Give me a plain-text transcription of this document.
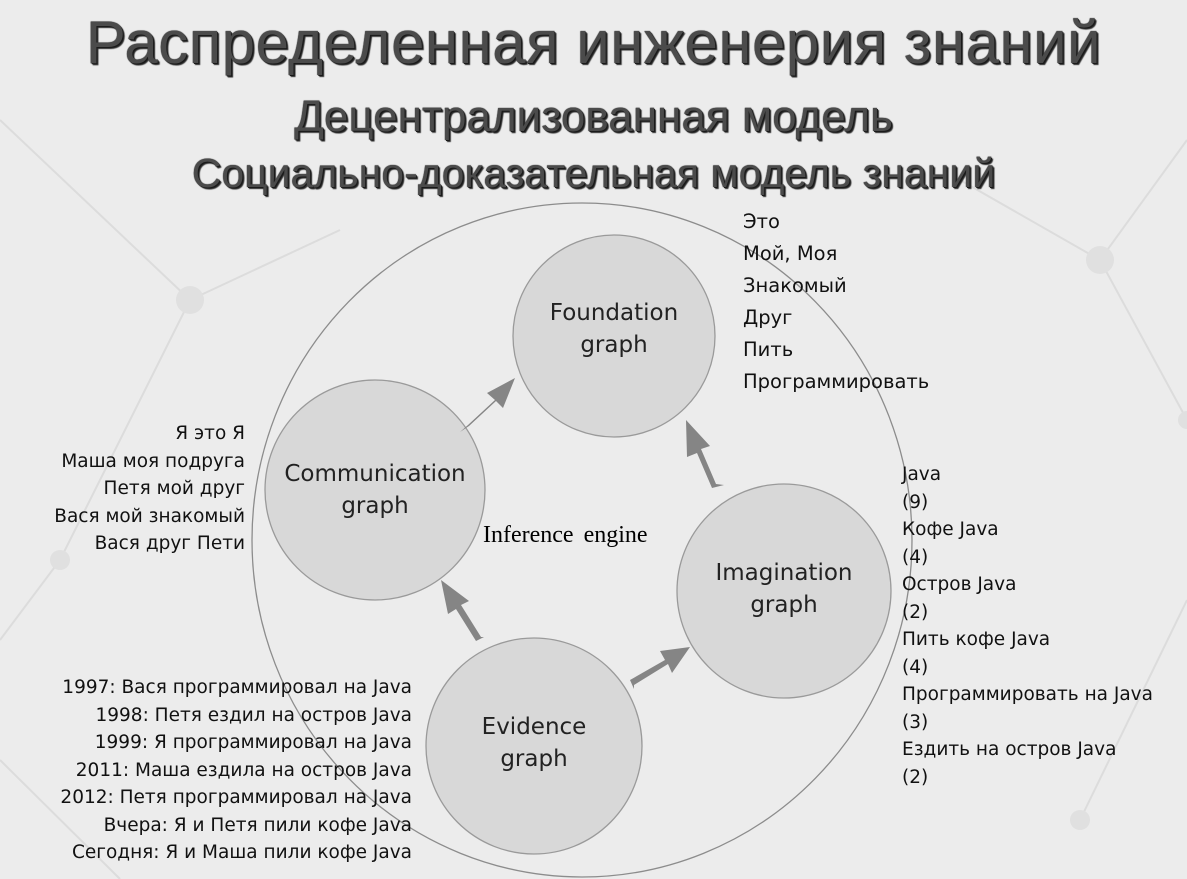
Распределенная инженерия знаний
Децентрализованная модель
Социально-доказательная модель знаний
Foundation
graph
Communication
graph
Imagination
graph
Evidence
graph
Inference engine
Это
Мой, Моя
Знакомый
Друг
Пить
Программировать
Я это Я
Маша моя подруга
Петя мой друг
Вася мой знакомый
Вася друг Пети
Java
(9)
Кофе Java
(4)
Остров Java
(2)
Пить кофе Java
(4)
Программировать на Java
(3)
Ездить на остров Java
(2)
1997: Вася программировал на Java
1998: Петя ездил на остров Java
1999: Я программировал на Java
2011: Маша ездила на остров Java
2012: Петя программировал на Java
Вчера: Я и Петя пили кофе Java
Сегодня: Я и Маша пили кофе Java
